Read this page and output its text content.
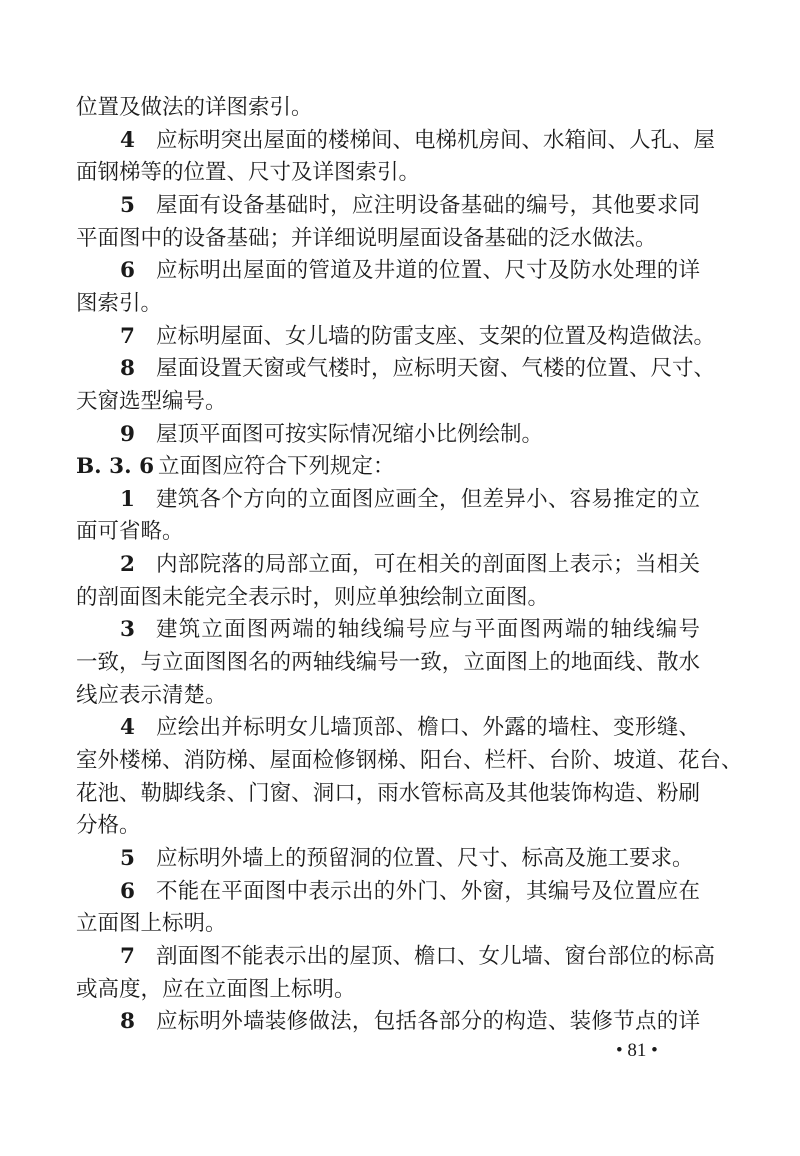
位置及做法的详图索引。
4 应标明突出屋面的楼梯间、电梯机房间、水箱间、人孔、屋
面钢梯等的位置、尺寸及详图索引。
5 屋面有设备基础时，应注明设备基础的编号，其他要求同
平面图中的设备基础；并详细说明屋面设备基础的泛水做法。
6 应标明出屋面的管道及井道的位置、尺寸及防水处理的详
图索引。
7 应标明屋面、女儿墙的防雷支座、支架的位置及构造做法。
8 屋面设置天窗或气楼时，应标明天窗、气楼的位置、尺寸、
天窗选型编号。
9 屋顶平面图可按实际情况缩小比例绘制。
B. 3. 6 立面图应符合下列规定：
1 建筑各个方向的立面图应画全，但差异小、容易推定的立
面可省略。
2 内部院落的局部立面，可在相关的剖面图上表示；当相关
的剖面图未能完全表示时，则应单独绘制立面图。
3 建筑立面图两端的轴线编号应与平面图两端的轴线编号
一致，与立面图图名的两轴线编号一致，立面图上的地面线、散水
线应表示清楚。
4 应绘出并标明女儿墙顶部、檐口、外露的墙柱、变形缝、
室外楼梯、消防梯、屋面检修钢梯、阳台、栏杆、台阶、坡道、花台、
花池、勒脚线条、门窗、洞口，雨水管标高及其他装饰构造、粉刷
分格。
5 应标明外墙上的预留洞的位置、尺寸、标高及施工要求。
6 不能在平面图中表示出的外门、外窗，其编号及位置应在
立面图上标明。
7 剖面图不能表示出的屋顶、檐口、女儿墙、窗台部位的标高
或高度，应在立面图上标明。
8 应标明外墙装修做法，包括各部分的构造、装修节点的详
• 81 •
